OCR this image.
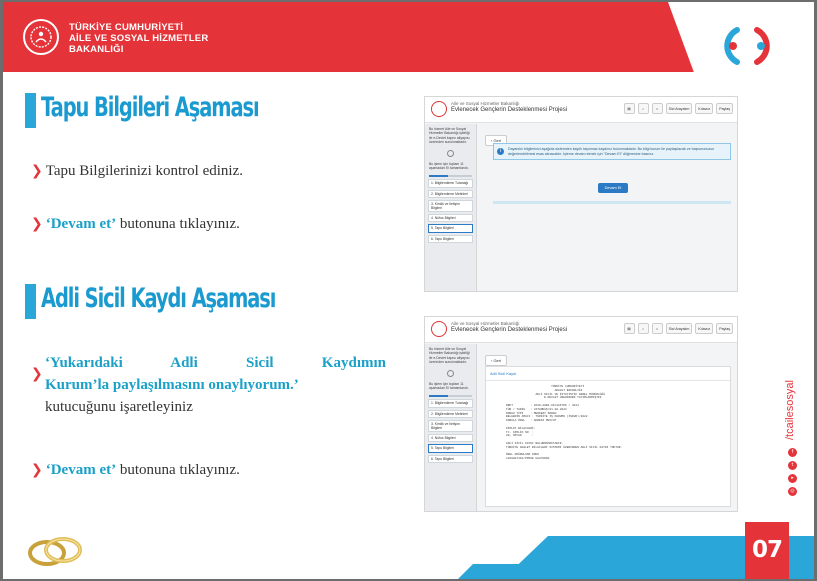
TÜRKİYE CUMHURİYETİ
AİLE VE SOSYAL HİZMETLER
BAKANLIĞI
Tapu Bilgileri Aşaması
❯ Tapu Bilgilerinizi kontrol ediniz.
❯ ‘Devam et’ butonuna tıklayınız.
Adli Sicil Kaydı Aşaması
❯
‘Yukarıdaki Adli Sicil Kaydımın
Kurum’la paylaşılmasını onaylıyorum.’
kutucuğunu işaretleyiniz
❯ ‘Devam et’ butonuna tıklayınız.
Aile ve Sosyal Hizmetler Bakanlığı
Evlenecek Gençlerin Desteklenmesi Projesi	▤	⌕	⌂	Sizi Arayalım	Kılavuz	Paylaş
Bu hizmet Aile ve Sosyal Hizmetler Bakanlığı işbirliği ile e-Devlet kapısı altyapısı üzerinden sunulmaktadır.
Bu işlem için toplam 11 aşamadan 5'i tamamlandı.
1. Bilgilendirme Tutanağı
2. Bilgilendirme Metinleri
3. Kimlik ve İletişim Bilgileri
4. Nüfus Bilgileri
5. Tapu Bilgileri
6. Tapu Bilgileri
‹ Geri
i	Dayanıklı bilgilerinizi aşağıda sistemden kayıtlı taşınmaz kaydınız bulunmaktadır. Bu bilgi kurum ile paylaşılacak ve başvurunuzun değerlendirilmesi esas alınacaktır. İşleme devam etmek için "Devam Et" düğmesine basınız.
Devam Et
Aile ve Sosyal Hizmetler Bakanlığı
Evlenecek Gençlerin Desteklenmesi Projesi	▤	⌕	⌂	Sizi Arayalım	Kılavuz	Paylaş
Bu hizmet Aile ve Sosyal Hizmetler Bakanlığı işbirliği ile e-Devlet kapısı altyapısı üzerinden sunulmaktadır.
Bu işlem için toplam 11 aşamadan 5'i tamamlandı.
1. Bilgilendirme Tutanağı
2. Bilgilendirme Metinleri
3. Kimlik ve İletişim Bilgileri
4. Nüfus Bilgileri
5. Tapu Bilgileri
6. Tapu Bilgileri
‹ Geri
Adli Sicil Kaydı
TÜRKİYE CUMHURİYETİ
ADALET BAKANLIĞI
ADLİ SİCİL VE İSTATİSTİK GENEL MÜDÜRLÜĞÜ
E-DEVLET ÜZERİNDEN YAYIMLANMIŞTIR

NRKT          : 2030-A0B4-61C1AFTDK / 4014
TÜR / TARİH   : VATANDAŞ/01.08.2022
SORGU TİPİ    : MERKEZİ SORGU
BELGENİN AMACI : TÜRKİYE İŞ KURUMU (İŞKUR)/2022
KONULA ÖZEL   : ADRESİ MEVCUT

KİMLİK BİLGİLERİ:
TC. KİMLİK NO  :
AD, SOYAD      :

ADLİ SİCİL KAYDI BULUNMAMAKTADIR.
TÜRKİYE ADALET BİLGİLERİ SİSTEMİ ÜZERİNDEN ADLİ SİCİL KAYDI YOKTUR.

ÖZEL DOĞRULAMA KODU
1289887491/PD59E HG878RAD
/tcailesosyal
f
t
▸
◎
07
